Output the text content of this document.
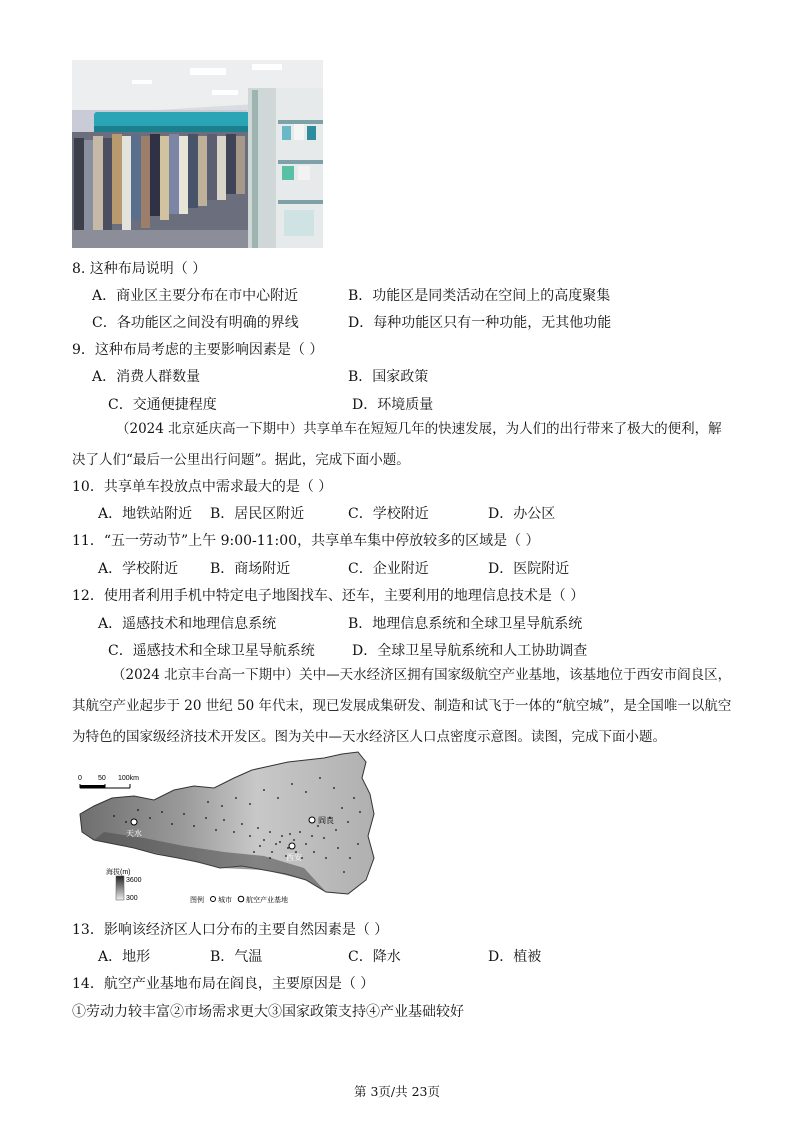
8. 这种布局说明（ ）
A．商业区主要分布在市中心附近	B．功能区是同类活动在空间上的高度聚集
C．各功能区之间没有明确的界线	D．每种功能区只有一种功能，无其他功能
9．这种布局考虑的主要影响因素是（ ）
A．消费人群数量	B．国家政策
C．交通便捷程度	D．环境质量
（2024 北京延庆高一下期中）共享单车在短短几年的快速发展，为人们的出行带来了极大的便利，解决了人们“最后一公里出行问题”。据此，完成下面小题。
10．共享单车投放点中需求最大的是（ ）
A．地铁站附近 B．居民区附近	C．学校附近	D．办公区
11．“五一劳动节”上午 9:00-11:00，共享单车集中停放较多的区域是（ ）
A．学校附近 B．商场附近	C．企业附近	D．医院附近
12．使用者利用手机中特定电子地图找车、还车，主要利用的地理信息技术是（ ）
A．遥感技术和地理信息系统	B．地理信息系统和全球卫星导航系统
C．遥感技术和全球卫星导航系统	D．全球卫星导航系统和人工协助调查
（2024 北京丰台高一下期中）关中—天水经济区拥有国家级航空产业基地，该基地位于西安市阎良区，其航空产业起步于 20 世纪 50 年代末，现已发展成集研发、制造和试飞于一体的“航空城”，是全国唯一以航空为特色的国家级经济技术开发区。图为关中—天水经济区人口点密度示意图。读图，完成下面小题。
0 50 100km
天水
阎良
西安
海拔(m)
3600
300	图例 城市 航空产业基地
13．影响该经济区人口分布的主要自然因素是（ ）
A．地形	B．气温	C．降水	D．植被
14．航空产业基地布局在阎良，主要原因是（ ）
①劳动力较丰富②市场需求更大③国家政策支持④产业基础较好
第 3页/共 23页
